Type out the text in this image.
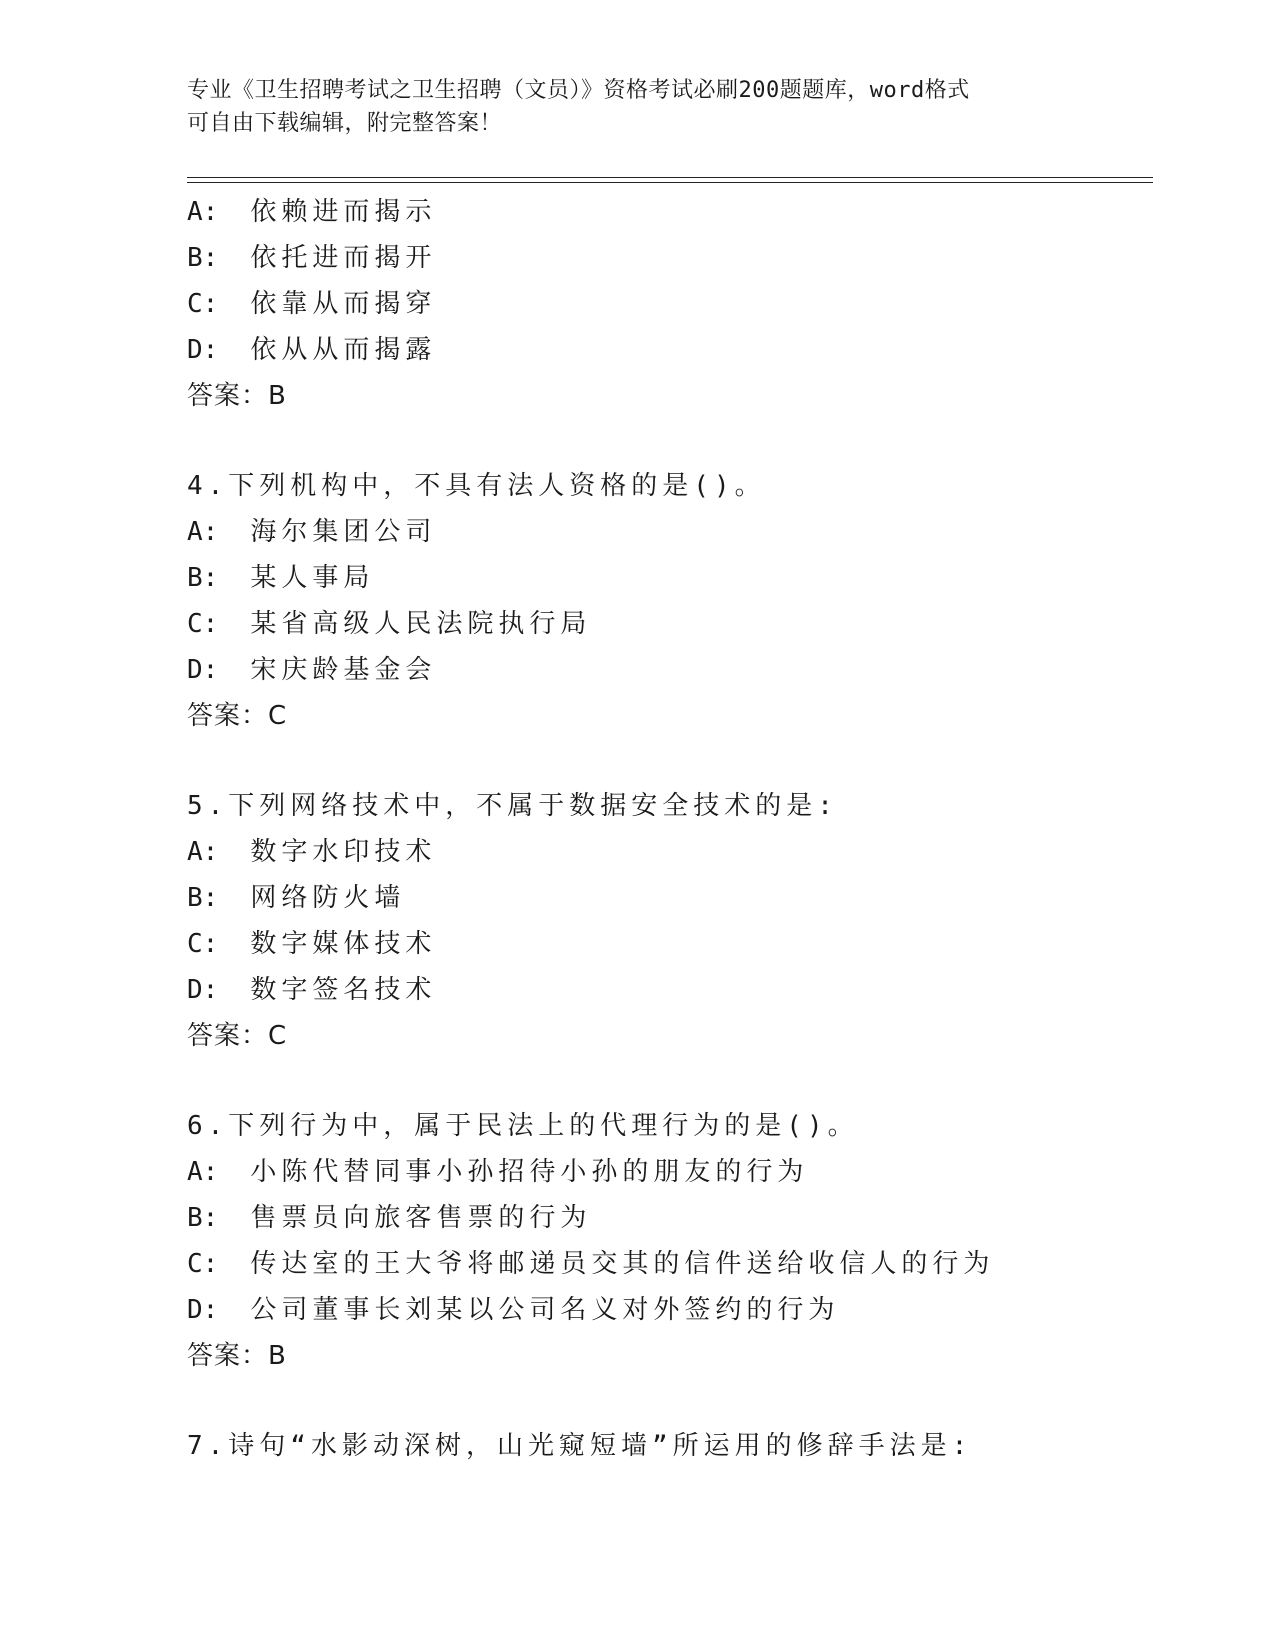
专业《卫生招聘考试之卫生招聘（文员）》资格考试必刷200题题库，word格式
可自由下载编辑，附完整答案！
A: 依赖进而揭示
B: 依托进而揭开
C: 依靠从而揭穿
D: 依从从而揭露
答案：B
4.下列机构中，不具有法人资格的是()。
A: 海尔集团公司
B: 某人事局
C: 某省高级人民法院执行局
D: 宋庆龄基金会
答案：C
5.下列网络技术中，不属于数据安全技术的是:
A: 数字水印技术
B: 网络防火墙
C: 数字媒体技术
D: 数字签名技术
答案：C
6.下列行为中，属于民法上的代理行为的是()。
A: 小陈代替同事小孙招待小孙的朋友的行为
B: 售票员向旅客售票的行为
C: 传达室的王大爷将邮递员交其的信件送给收信人的行为
D: 公司董事长刘某以公司名义对外签约的行为
答案：B
7.诗句“水影动深树，山光窥短墙”所运用的修辞手法是:
